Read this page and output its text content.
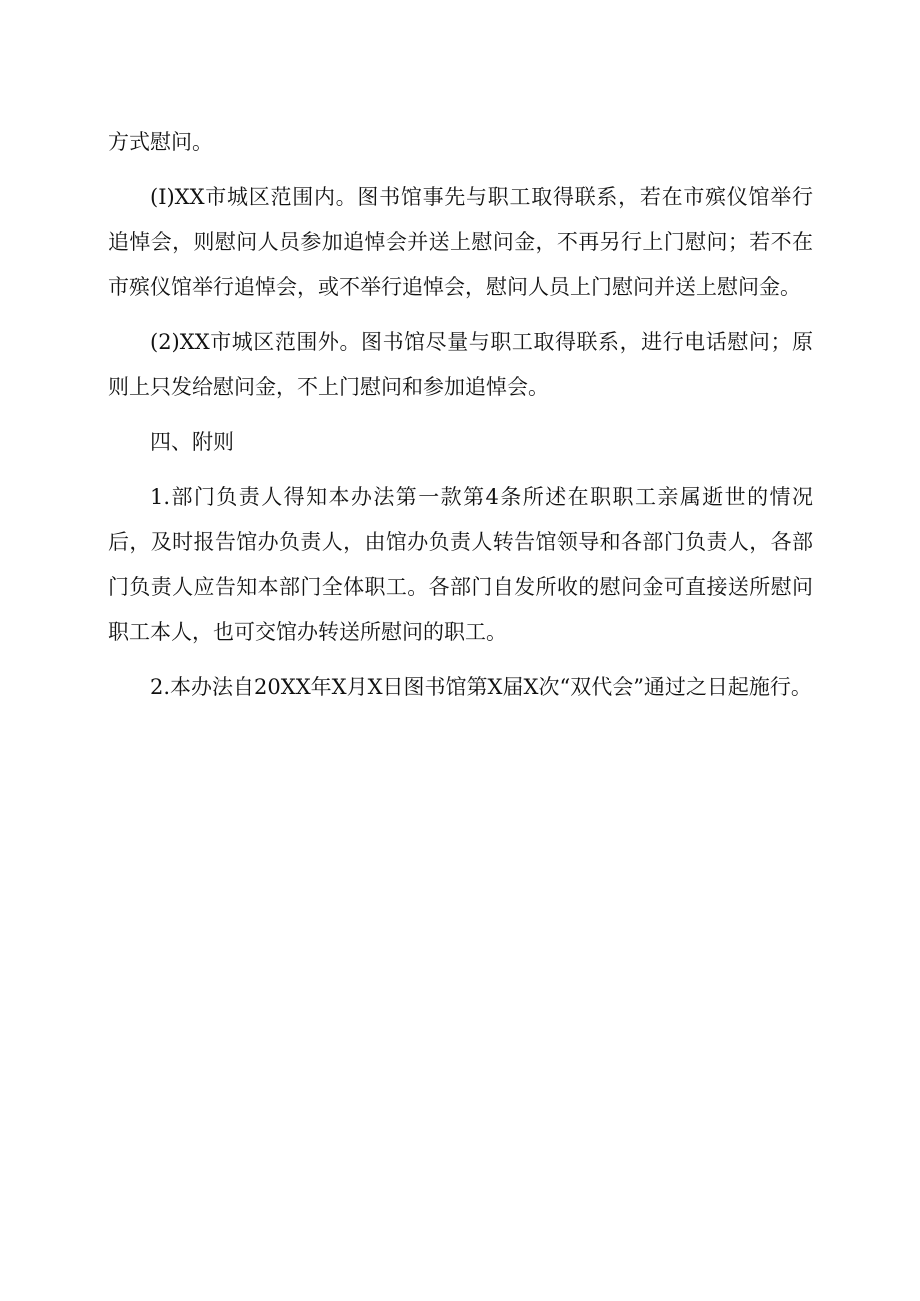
方式慰问。

(I)XX市城区范围内。图书馆事先与职工取得联系，若在市殡仪馆举行追悼会，则慰问人员参加追悼会并送上慰问金，不再另行上门慰问；若不在市殡仪馆举行追悼会，或不举行追悼会，慰问人员上门慰问并送上慰问金。

(2)XX市城区范围外。图书馆尽量与职工取得联系，进行电话慰问；原则上只发给慰问金，不上门慰问和参加追悼会。

四、附则

1.部门负责人得知本办法第一款第4条所述在职职工亲属逝世的情况后，及时报告馆办负责人，由馆办负责人转告馆领导和各部门负责人，各部门负责人应告知本部门全体职工。各部门自发所收的慰问金可直接送所慰问职工本人，也可交馆办转送所慰问的职工。

2.本办法自20XX年X月X日图书馆第X届X次“双代会”通过之日起施行。
